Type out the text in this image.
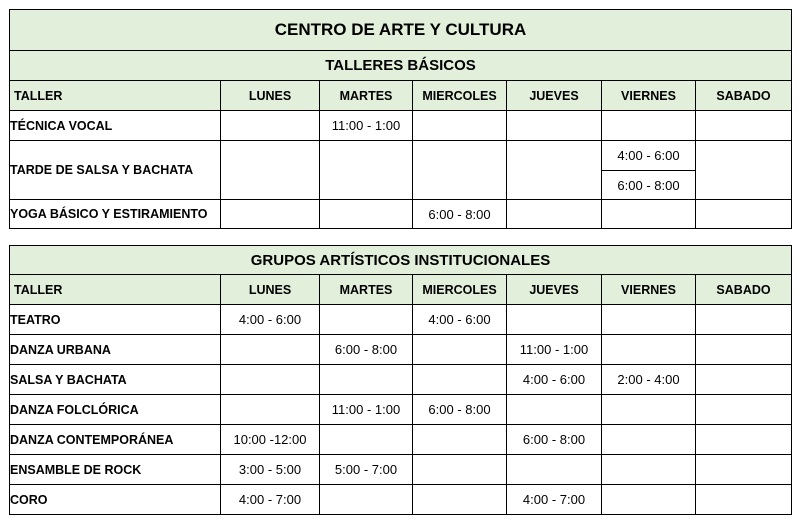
CENTRO DE ARTE Y CULTURA						
TALLERES BÁSICOS						
TALLER	LUNES	MARTES	MIERCOLES	JUEVES	VIERNES	SABADO
TÉCNICA VOCAL		11:00 - 1:00				
TARDE DE SALSA Y BACHATA					4:00 - 6:00	
					6:00 - 8:00	
YOGA BÁSICO Y ESTIRAMIENTO			6:00 - 8:00			
GRUPOS ARTÍSTICOS INSTITUCIONALES						
TALLER	LUNES	MARTES	MIERCOLES	JUEVES	VIERNES	SABADO
TEATRO	4:00 - 6:00		4:00 - 6:00			
DANZA URBANA		6:00 - 8:00		11:00 - 1:00		
SALSA Y BACHATA				4:00 - 6:00	2:00 - 4:00	
DANZA FOLCLÓRICA		11:00 - 1:00	6:00 - 8:00			
DANZA CONTEMPORÁNEA	10:00 -12:00			6:00 - 8:00		
ENSAMBLE DE ROCK	3:00 - 5:00	5:00 - 7:00				
CORO	4:00 - 7:00			4:00 - 7:00		
